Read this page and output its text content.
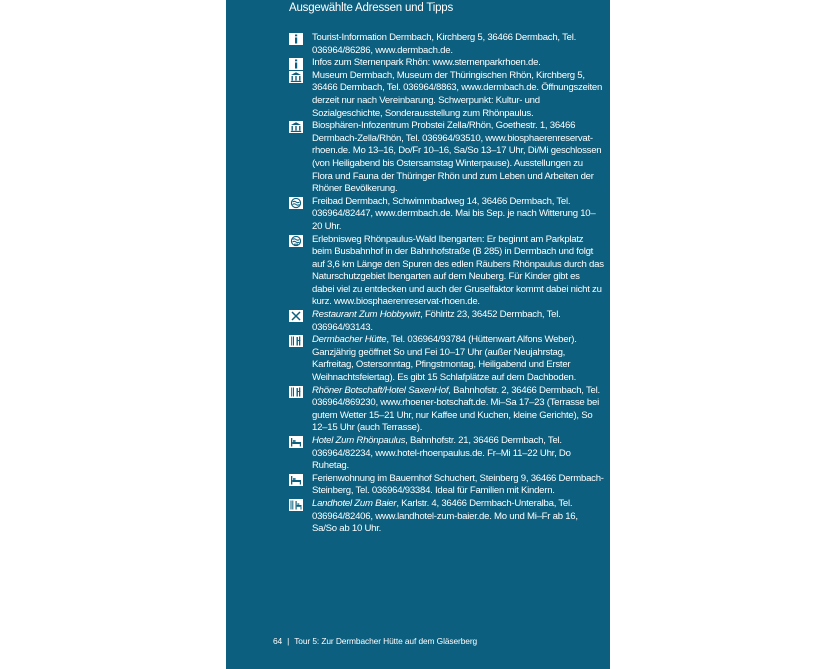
Ausgewählte Adressen und Tipps
Tourist-Information Dermbach, Kirchberg 5, 36466 Dermbach, Tel. 036964/86286, www.dermbach.de.
Infos zum Sternenpark Rhön: www.sternenparkrhoen.de.
Museum Dermbach, Museum der Thüringischen Rhön, Kirchberg 5, 36466 Dermbach, Tel. 036964/8863, www.dermbach.de. Öffnungszeiten derzeit nur nach Vereinbarung. Schwerpunkt: Kultur- und Sozialgeschichte, Sonderausstellung zum Rhönpaulus.
Biosphären-Infozentrum Probstei Zella/Rhön, Goethestr. 1, 36466 Dermbach-Zella/Rhön, Tel. 036964/93510, www.biosphaerenreservat-rhoen.de. Mo 13–16, Do/Fr 10–16, Sa/So 13–17 Uhr, Di/Mi geschlossen (von Heiligabend bis Ostersamstag Winterpause). Ausstellungen zu Flora und Fauna der Thüringer Rhön und zum Leben und Arbeiten der Rhöner Bevölkerung.
Freibad Dermbach, Schwimmbadweg 14, 36466 Dermbach, Tel. 036964/82447, www.dermbach.de. Mai bis Sep. je nach Witterung 10–20 Uhr.
Erlebnisweg Rhönpaulus-Wald Ibengarten: Er beginnt am Parkplatz beim Busbahnhof in der Bahnhofstraße (B 285) in Dermbach und folgt auf 3,6 km Länge den Spuren des edlen Räubers Rhönpaulus durch das Naturschutzgebiet Ibengarten auf dem Neuberg. Für Kinder gibt es dabei viel zu entdecken und auch der Gruselfaktor kommt dabei nicht zu kurz. www.biosphaerenreservat-rhoen.de.
Restaurant Zum Hobbywirt, Föhlritz 23, 36452 Dermbach, Tel. 036964/93143.
Dermbacher Hütte, Tel. 036964/93784 (Hüttenwart Alfons Weber). Ganzjährig geöffnet So und Fei 10–17 Uhr (außer Neujahrstag, Karfreitag, Ostersonntag, Pfingstmontag, Heiligabend und Erster Weihnachtsfeiertag). Es gibt 15 Schlafplätze auf dem Dachboden.
Rhöner Botschaft/Hotel SaxenHof, Bahnhofstr. 2, 36466 Dermbach, Tel. 036964/869230, www.rhoener-botschaft.de. Mi–Sa 17–23 (Terrasse bei gutem Wetter 15–21 Uhr, nur Kaffee und Kuchen, kleine Gerichte), So 12–15 Uhr (auch Terrasse).
Hotel Zum Rhönpaulus, Bahnhofstr. 21, 36466 Dermbach, Tel. 036964/82234, www.hotel-rhoenpaulus.de. Fr–Mi 11–22 Uhr, Do Ruhetag.
Ferienwohnung im Bauernhof Schuchert, Steinberg 9, 36466 Dermbach-Steinberg, Tel. 036964/93384. Ideal für Familien mit Kindern.
Landhotel Zum Baier, Karlstr. 4, 36466 Dermbach-Unteralba, Tel. 036964/82406, www.landhotel-zum-baier.de. Mo und Mi–Fr ab 16, Sa/So ab 10 Uhr.
64 | Tour 5: Zur Dermbacher Hütte auf dem Gläserberg
